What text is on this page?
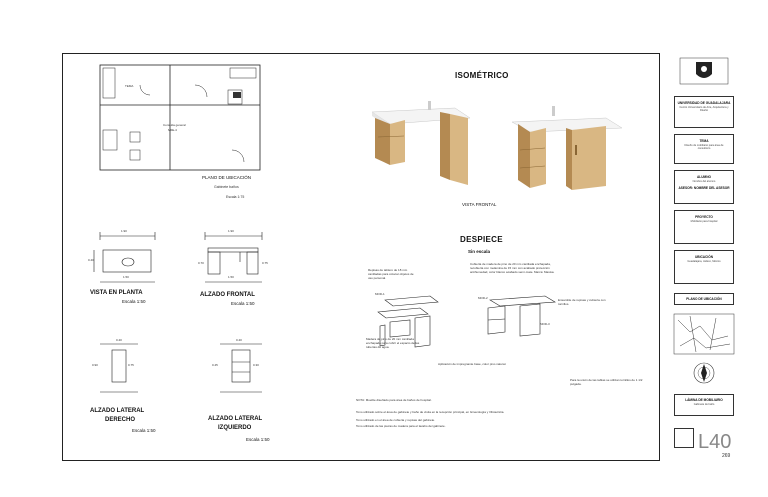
TEMA
Consulta general
M0E-4
PLANO DE UBICACIÓN
Gabinete baños
Escala 1:75
1.90
1.50
0.40
1.90
0.75
0.70
1.50
VISTA EN PLANTA
Escala 1:50
ALZADO FRONTAL
Escala 1:50
0.40
0.90	0.75
0.40
0.45	0.30
ALZADO LATERAL
DERECHO
Escala 1:50
ALZADO LATERAL
IZQUIERDO
Escala 1:50
ISOMÉTRICO
VISTA FRONTAL
DESPIECE
Sin escala
MOD-1
MOD-2
MOD-3
Cubierta de madera de pino de 20 mm cantilada enchapada, recubierta con melamina de 15 mm con acabado protección antihumedad, color blanco acabado semi-mate. Marca: Masisa.
Repisas de tablero de 18 mm cantiladas para colocar objetos de uso personal.
Madera de pino de 20 mm cantilada enchapada para cubrir el espacio de las tuberías de agua.
Ensamble de repisas y cubierta con tornillos.
Aplicación de impregnante base, color pino natural.
Para la unión de las tablas se utilizan tornillos de 1 1/2 pulgada.
NOTA: Mueble diseñado para área de baños de hospital.
Tono utilizado sobre el área de gabinete y baño de visita en la recepción principal, en Ginecología y Obstetricia.
Tono utilizado en el área de cubierta y repisas del gabinete.
Tono utilizado de las piezas de madera para el lavabo del gabinete.
UNIVERSIDAD DE GUADALAJARA
Centro Universitario de Arte, Arquitectura y Diseño
TEMA
Diseño de mobiliario para área de consultorio
ALUMNO
Nombre del alumno
ASESOR: NOMBRE DEL ASESOR
PROYECTO
Mobiliario para hospital
UBICACIÓN
Guadalajara, Jalisco, México
PLANO DE UBICACIÓN
LÁMINA DE MOBILIARIO
Gabinete de baño
L40
269
